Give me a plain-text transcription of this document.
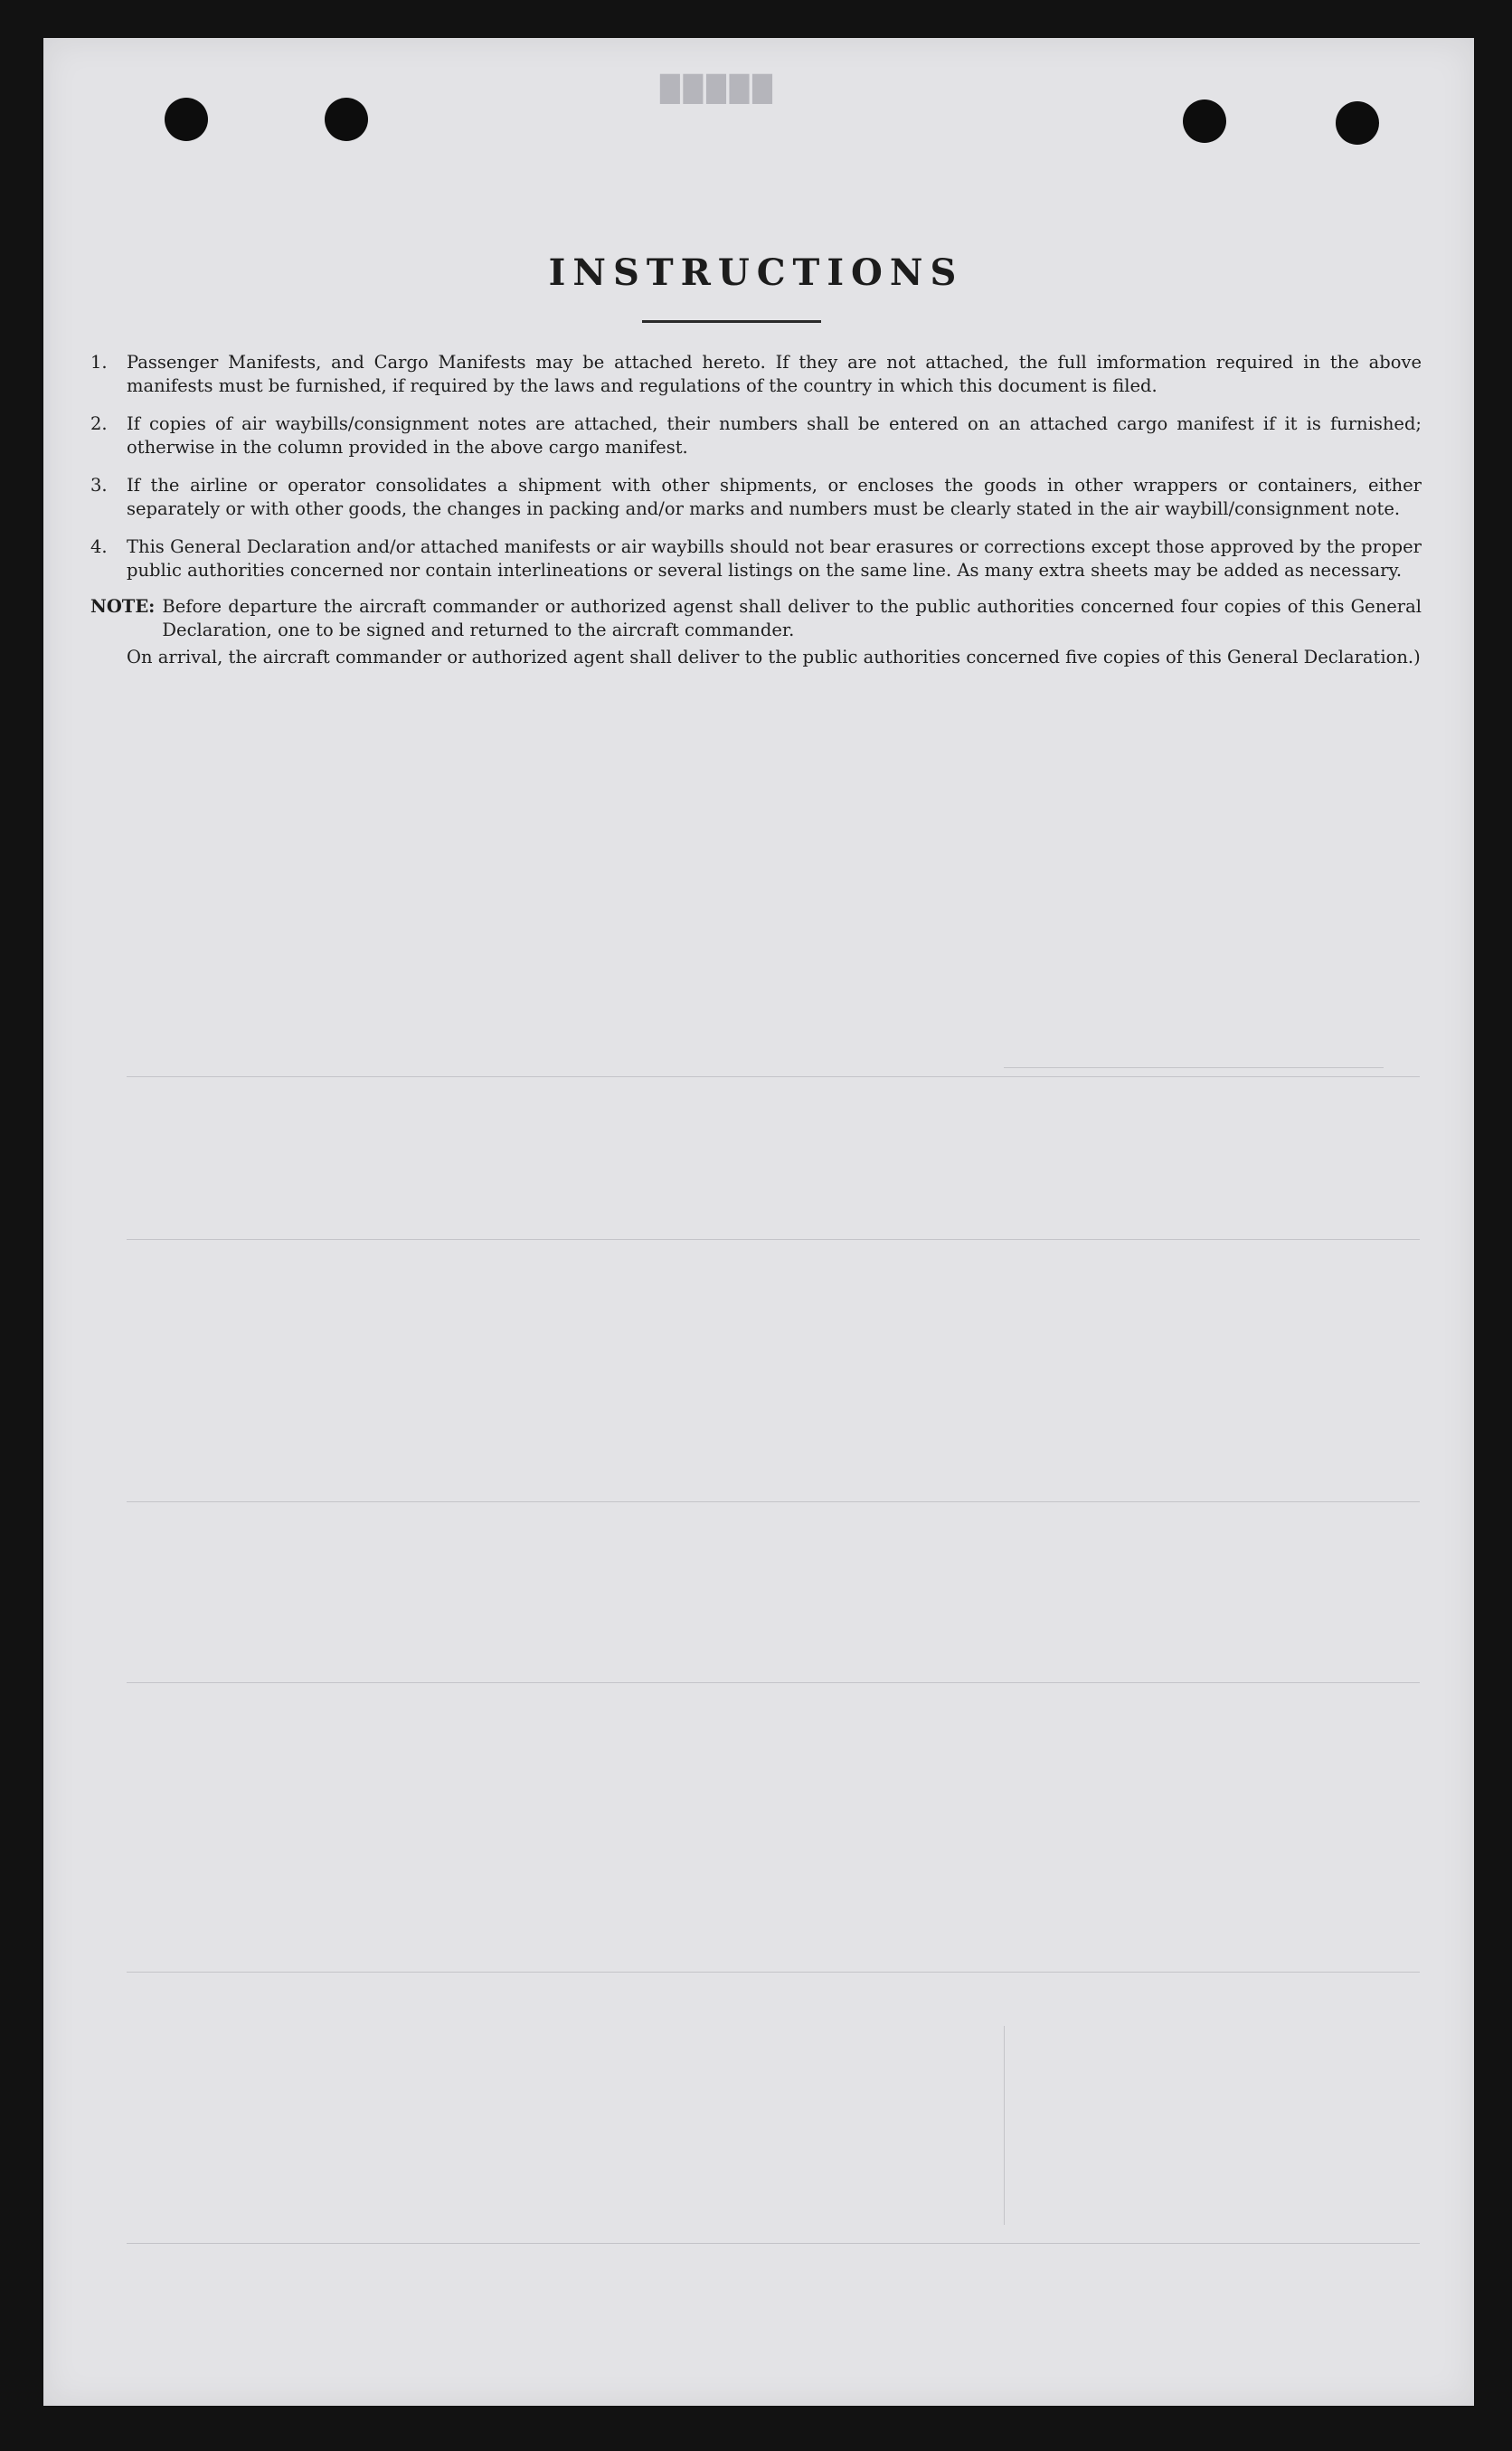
█████
INSTRUCTIONS
1.	Passenger Manifests, and Cargo Manifests may be attached hereto. If they are not attached, the full imformation required in the above manifests must be furnished, if required by the laws and regulations of the country in which this document is filed.
2.	If copies of air waybills/consignment notes are attached, their numbers shall be entered on an attached cargo manifest if it is furnished; otherwise in the column provided in the above cargo manifest.
3.	If the airline or operator consolidates a shipment with other shipments, or encloses the goods in other wrappers or containers, either separately or with other goods, the changes in packing and/or marks and numbers must be clearly stated in the air waybill/consignment note.
4.	This General Declaration and/or attached manifests or air waybills should not bear erasures or corrections except those approved by the proper public authorities concerned nor contain interlineations or several listings on the same line. As many extra sheets may be added as necessary.
NOTE: Before departure the aircraft commander or authorized agenst shall deliver to the public authorities concerned four copies of this General Declaration, one to be signed and returned to the aircraft commander.
On arrival, the aircraft commander or authorized agent shall deliver to the public authorities concerned five copies of this General Declaration.)
